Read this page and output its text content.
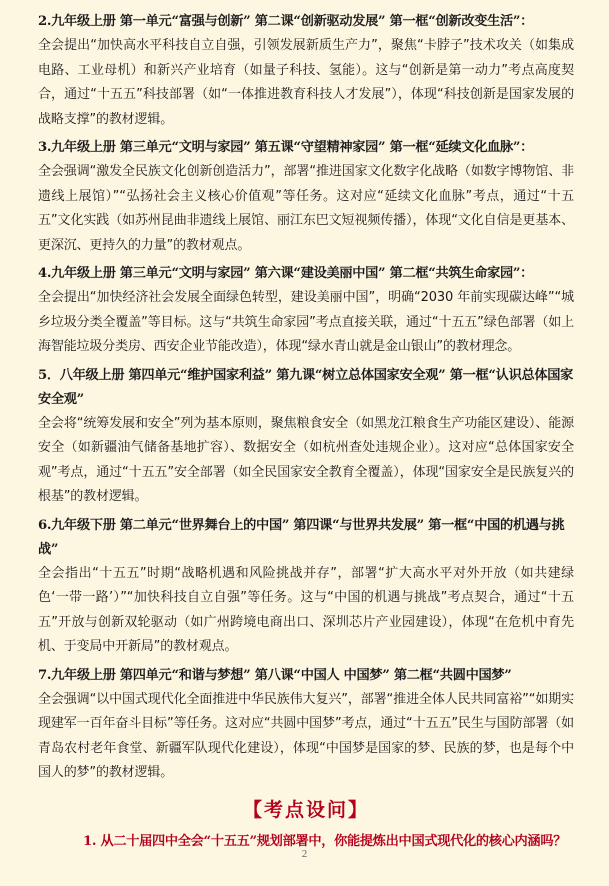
2.九年级上册 第一单元“富强与创新” 第二课“创新驱动发展” 第一框“创新改变生活”：
全会提出“加快高水平科技自立自强，引领发展新质生产力”，聚焦“卡脖子”技术攻关（如集成电路、工业母机）和新兴产业培育（如量子科技、氢能）。这与“创新是第一动力”考点高度契合，通过“十五五”科技部署（如“一体推进教育科技人才发展”），体现“科技创新是国家发展的战略支撑”的教材逻辑。
3.九年级上册 第三单元“文明与家园” 第五课“守望精神家园” 第一框“延续文化血脉”：
全会强调“激发全民族文化创新创造活力”，部署“推进国家文化数字化战略（如数字博物馆、非遗线上展馆）”“弘扬社会主义核心价值观”等任务。这对应“延续文化血脉”考点，通过“十五五”文化实践（如苏州昆曲非遗线上展馆、丽江东巴文短视频传播），体现“文化自信是更基本、更深沉、更持久的力量”的教材观点。
4.九年级上册 第三单元“文明与家园” 第六课“建设美丽中国” 第二框“共筑生命家园”：
全会提出“加快经济社会发展全面绿色转型，建设美丽中国”，明确“2030 年前实现碳达峰”“城乡垃圾分类全覆盖”等目标。这与“共筑生命家园”考点直接关联，通过“十五五”绿色部署（如上海智能垃圾分类房、西安企业节能改造），体现“绿水青山就是金山银山”的教材理念。
5．八年级上册 第四单元“维护国家利益” 第九课“树立总体国家安全观” 第一框“认识总体国家安全观”
全会将“统筹发展和安全”列为基本原则，聚焦粮食安全（如黑龙江粮食生产功能区建设）、能源安全（如新疆油气储备基地扩容）、数据安全（如杭州查处违规企业）。这对应“总体国家安全观”考点，通过“十五五”安全部署（如全民国家安全教育全覆盖），体现“国家安全是民族复兴的根基”的教材逻辑。
6.九年级下册 第二单元“世界舞台上的中国” 第四课“与世界共发展” 第一框“中国的机遇与挑战”
全会指出“十五五”时期“战略机遇和风险挑战并存”，部署“扩大高水平对外开放（如共建绿色‘一带一路’）”“加快科技自立自强”等任务。这与“中国的机遇与挑战”考点契合，通过“十五五”开放与创新双轮驱动（如广州跨境电商出口、深圳芯片产业园建设），体现“在危机中育先机、于变局中开新局”的教材观点。
7.九年级上册 第四单元“和谐与梦想” 第八课“中国人 中国梦” 第二框“共圆中国梦”
全会强调“以中国式现代化全面推进中华民族伟大复兴”，部署“推进全体人民共同富裕”“如期实现建军一百年奋斗目标”等任务。这对应“共圆中国梦”考点，通过“十五五”民生与国防部署（如青岛农村老年食堂、新疆军队现代化建设），体现“中国梦是国家的梦、民族的梦，也是每个中国人的梦”的教材逻辑。
【考点设问】
1. 从二十届四中全会“十五五”规划部署中，你能提炼出中国式现代化的核心内涵吗？
2
